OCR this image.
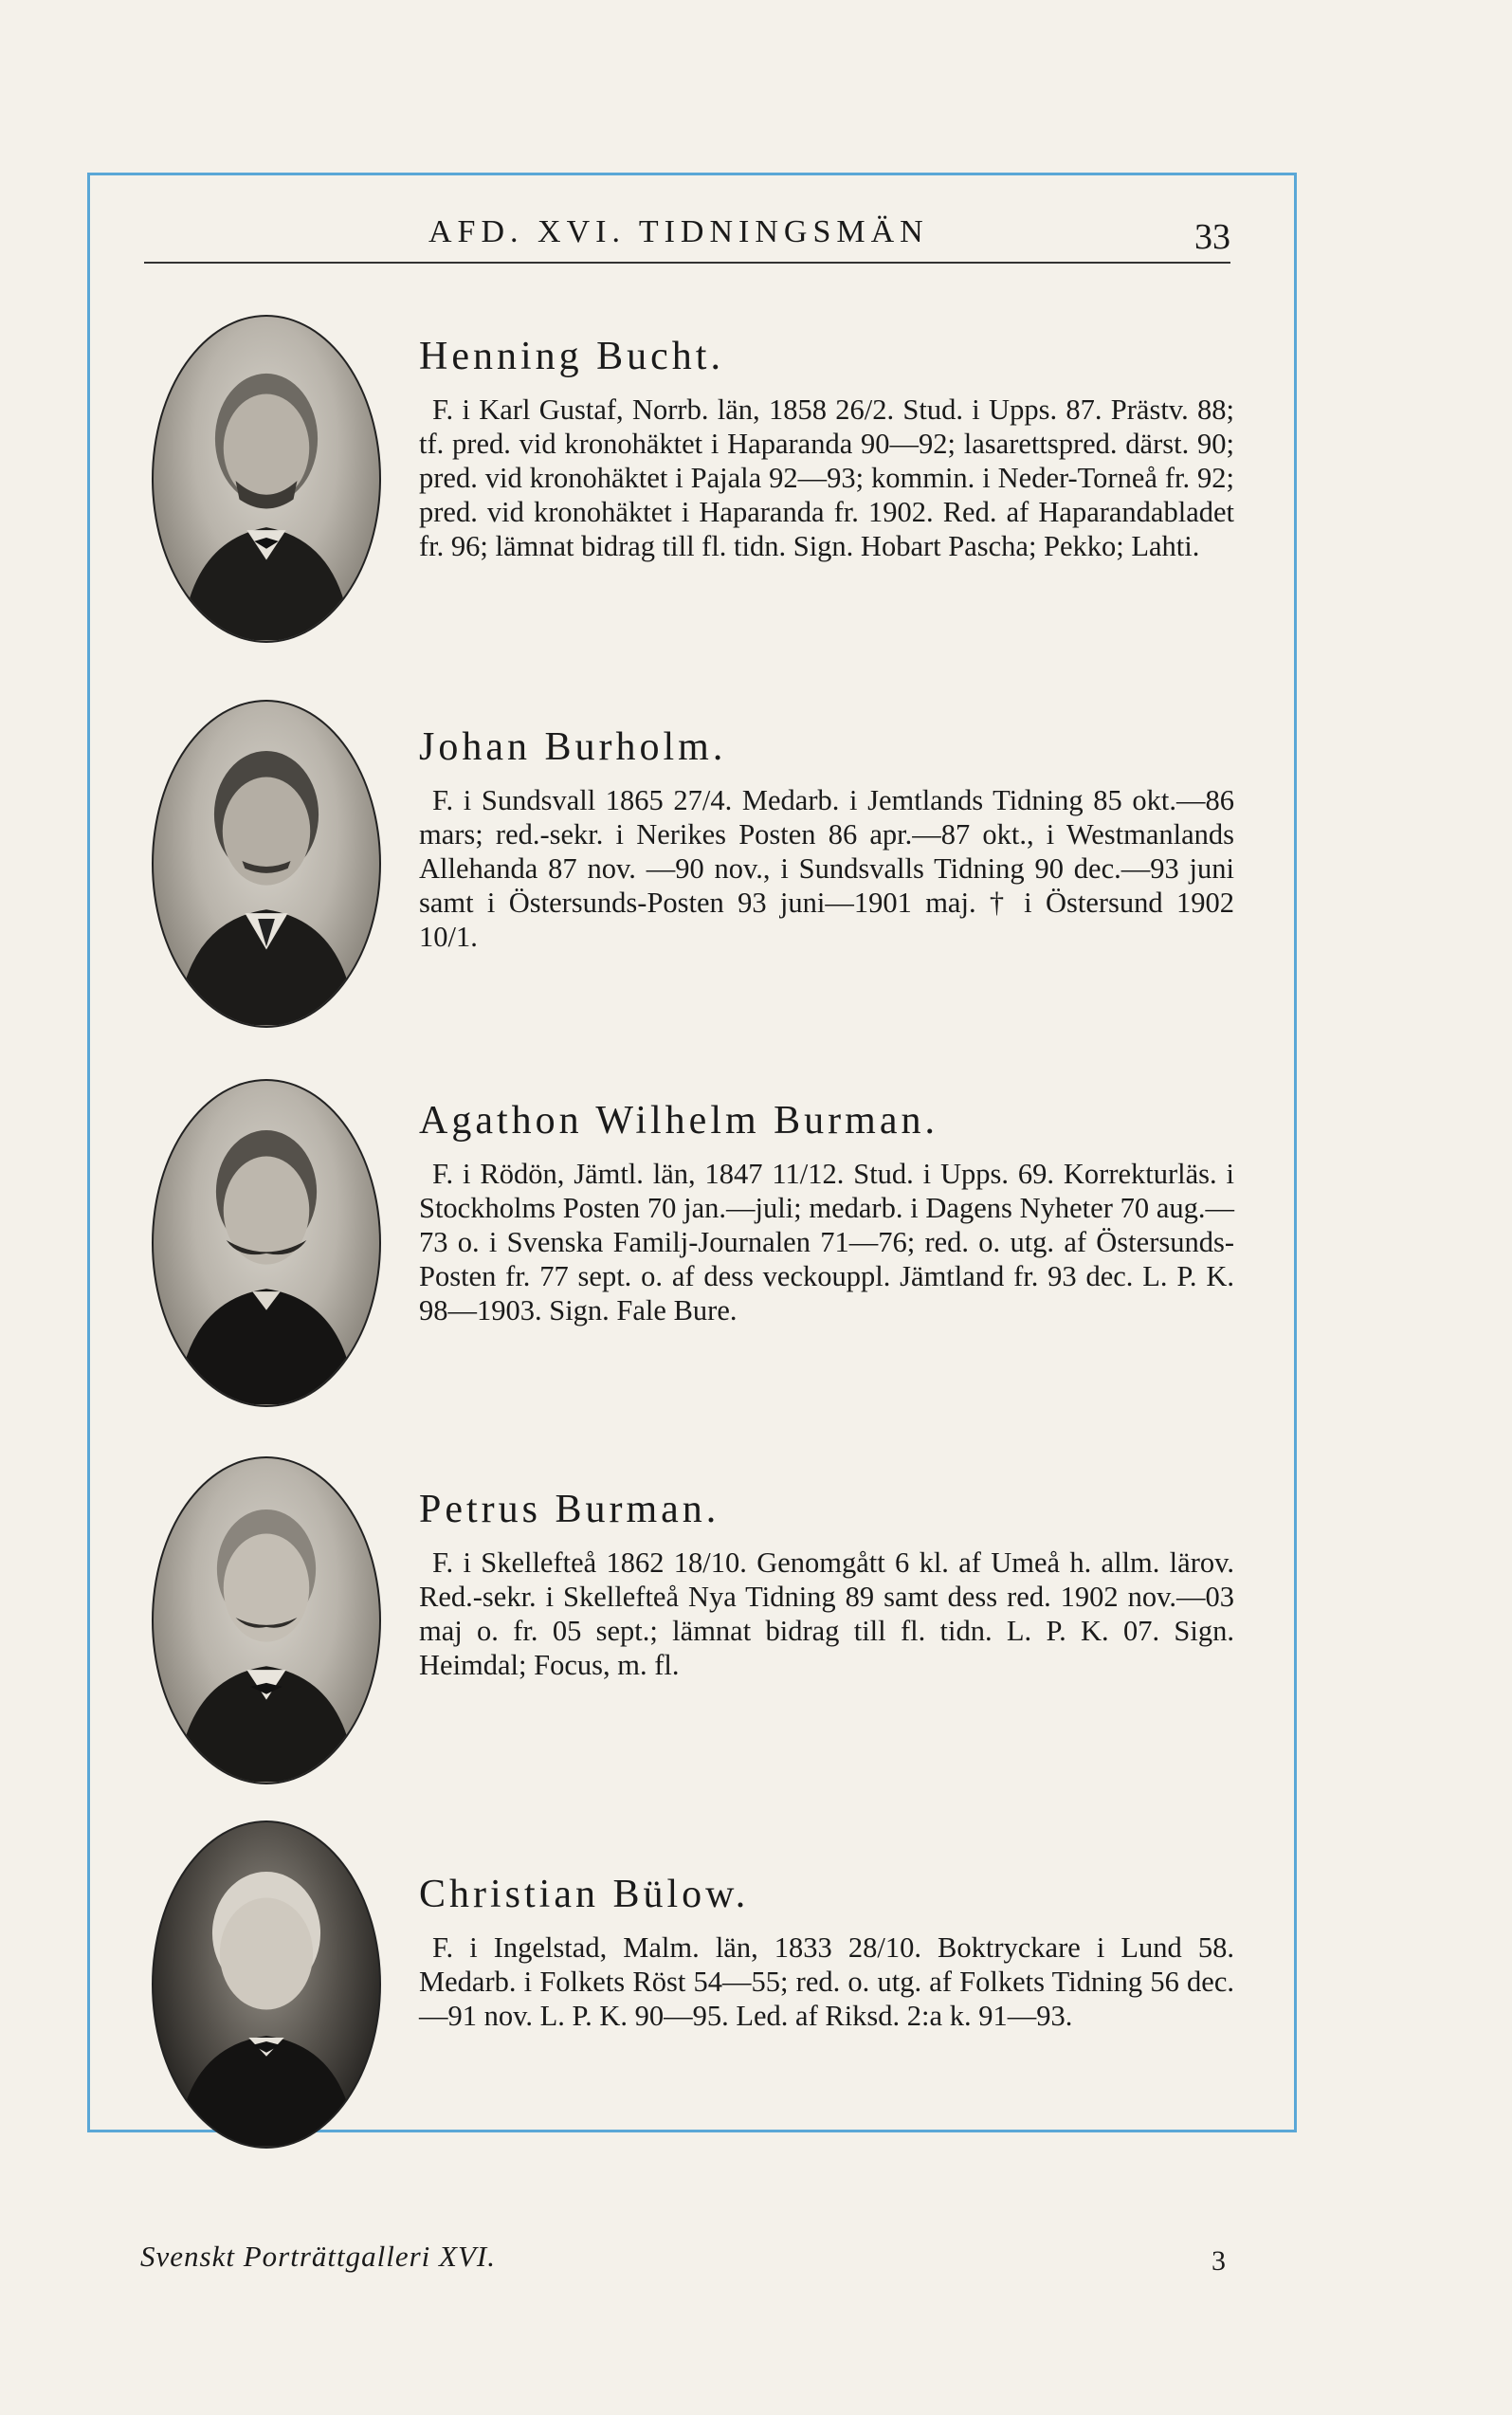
AFD. XVI. TIDNINGSMÄN	33
Henning Bucht.

F. i Karl Gustaf, Norrb. län, 1858 26/2. Stud. i Upps. 87. Prästv. 88; tf. pred. vid kronohäktet i Haparanda 90—92; lasarettspred. därst. 90; pred. vid kronohäktet i Pajala 92—93; kommin. i Neder-Torneå fr. 92; pred. vid kronohäktet i Haparanda fr. 1902. Red. af Haparandabladet fr. 96; lämnat bidrag till fl. tidn. Sign. Hobart Pascha; Pekko; Lahti.

Johan Burholm.

F. i Sundsvall 1865 27/4. Medarb. i Jemtlands Tidning 85 okt.—86 mars; red.-sekr. i Nerikes Posten 86 apr.—87 okt., i Westmanlands Allehanda 87 nov. —90 nov., i Sundsvalls Tidning 90 dec.—93 juni samt i Östersunds-Posten 93 juni—1901 maj. † i Östersund 1902 10/1.

Agathon Wilhelm Burman.

F. i Rödön, Jämtl. län, 1847 11/12. Stud. i Upps. 69. Korrekturläs. i Stockholms Posten 70 jan.—juli; medarb. i Dagens Nyheter 70 aug.—73 o. i Svenska Familj-Journalen 71—76; red. o. utg. af Östersunds-Posten fr. 77 sept. o. af dess veckouppl. Jämtland fr. 93 dec. L. P. K. 98—1903. Sign. Fale Bure.

Petrus Burman.

F. i Skellefteå 1862 18/10. Genomgått 6 kl. af Umeå h. allm. lärov. Red.-sekr. i Skellefteå Nya Tidning 89 samt dess red. 1902 nov.—03 maj o. fr. 05 sept.; lämnat bidrag till fl. tidn. L. P. K. 07. Sign. Heimdal; Focus, m. fl.

Christian Bülow.

F. i Ingelstad, Malm. län, 1833 28/10. Boktryckare i Lund 58. Medarb. i Folkets Röst 54—55; red. o. utg. af Folkets Tidning 56 dec.—91 nov. L. P. K. 90—95. Led. af Riksd. 2:a k. 91—93.

Svenskt Porträttgalleri XVI.	3
